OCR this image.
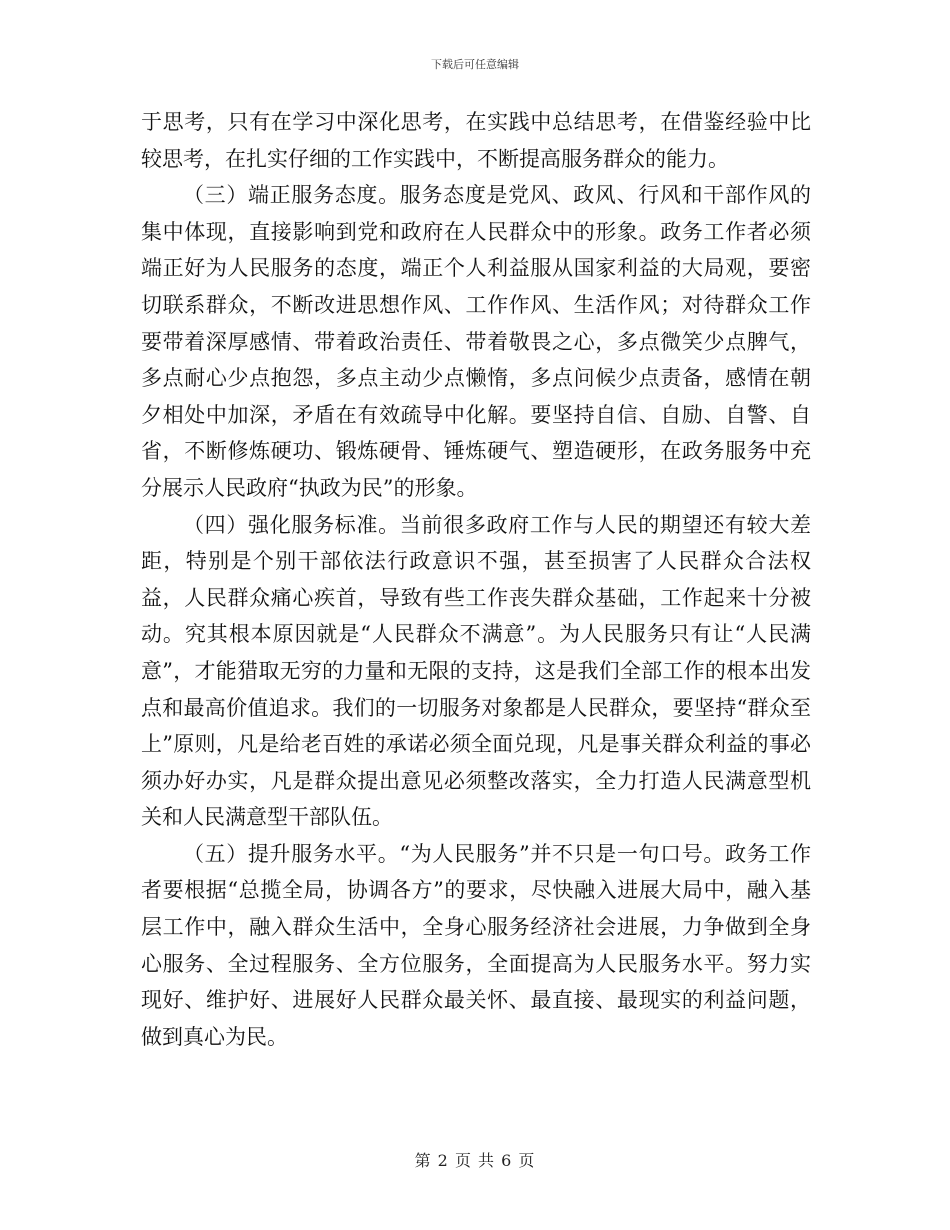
下载后可任意编辑

于思考，只有在学习中深化思考，在实践中总结思考，在借鉴经验中比较思考，在扎实仔细的工作实践中，不断提高服务群众的能力。

（三）端正服务态度。服务态度是党风、政风、行风和干部作风的集中体现，直接影响到党和政府在人民群众中的形象。政务工作者必须端正好为人民服务的态度，端正个人利益服从国家利益的大局观，要密切联系群众，不断改进思想作风、工作作风、生活作风；对待群众工作要带着深厚感情、带着政治责任、带着敬畏之心，多点微笑少点脾气，多点耐心少点抱怨，多点主动少点懒惰，多点问候少点责备，感情在朝夕相处中加深，矛盾在有效疏导中化解。要坚持自信、自励、自警、自省，不断修炼硬功、锻炼硬骨、锤炼硬气、塑造硬形，在政务服务中充分展示人民政府“执政为民”的形象。

（四）强化服务标准。当前很多政府工作与人民的期望还有较大差距，特别是个别干部依法行政意识不强，甚至损害了人民群众合法权益，人民群众痛心疾首，导致有些工作丧失群众基础，工作起来十分被动。究其根本原因就是“人民群众不满意”。为人民服务只有让“人民满意”，才能猎取无穷的力量和无限的支持，这是我们全部工作的根本出发点和最高价值追求。我们的一切服务对象都是人民群众，要坚持“群众至上”原则，凡是给老百姓的承诺必须全面兑现，凡是事关群众利益的事必须办好办实，凡是群众提出意见必须整改落实，全力打造人民满意型机关和人民满意型干部队伍。

（五）提升服务水平。“为人民服务”并不只是一句口号。政务工作者要根据“总揽全局，协调各方”的要求，尽快融入进展大局中，融入基层工作中，融入群众生活中，全身心服务经济社会进展，力争做到全身心服务、全过程服务、全方位服务，全面提高为人民服务水平。努力实现好、维护好、进展好人民群众最关怀、最直接、最现实的利益问题，做到真心为民。

第 2 页 共 6 页
